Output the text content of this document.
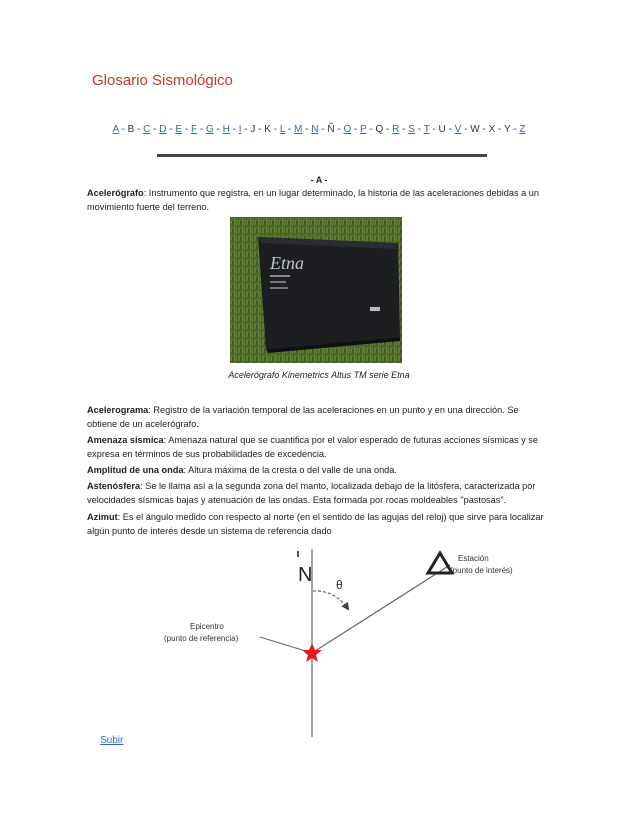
Glosario Sismológico
A - B - C - D - E - F - G - H - I - J - K - L - M - N - Ñ - O - P - Q - R - S - T - U - V - W - X - Y - Z
- A -
Acelerógrafo: Instrumento que registra, en un lugar determinado, la historia de las aceleraciones debidas a un movimiento fuerte del terreno.
Etna
Acelerógrafo Kinemetrics Altus TM serie Etna
Acelerograma: Registro de la variación temporal de las aceleraciones en un punto y en una dirección. Se obtiene de un acelerógrafo.
Amenaza sísmica: Amenaza natural que se cuantifica por el valor esperado de futuras acciones sísmicas y se expresa en términos de sus probabilidades de excedencia.
Amplitud de una onda: Altura máxima de la cresta o del valle de una onda.
Astenósfera: Se le llama así a la segunda zona del manto, localizada debajo de la litósfera, caracterizada por velocidades sísmicas bajas y atenuación de las ondas. Esta formada por rocas moldeables "pastosas".
Azimut: Es el ángulo medido con respecto al norte (en el sentido de las agujas del reloj) que sirve para localizar algún punto de interés desde un sistema de referencia dado
N θ
Estación
(punto de interés)
Epicentro
(punto de referencia)
Subir
